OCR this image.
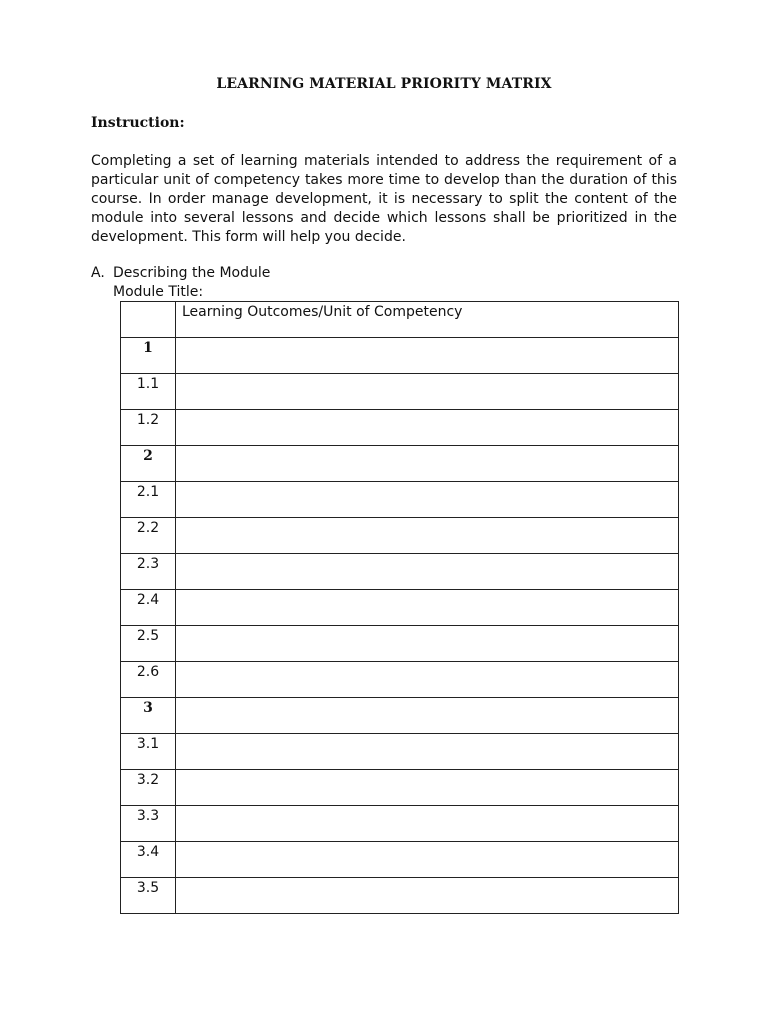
LEARNING MATERIAL PRIORITY MATRIX
Instruction:
Completing a set of learning materials intended to address the requirement of a particular unit of competency takes more time to develop than the duration of this course. In order manage development, it is necessary to split the content of the module into several lessons and decide which lessons shall be prioritized in the development. This form will help you decide.
A. Describing the Module
Module Title:
	Learning Outcomes/Unit of Competency
1	
1.1	
1.2	
2	
2.1	
2.2	
2.3	
2.4	
2.5	
2.6	
3	
3.1	
3.2	
3.3	
3.4	
3.5	
